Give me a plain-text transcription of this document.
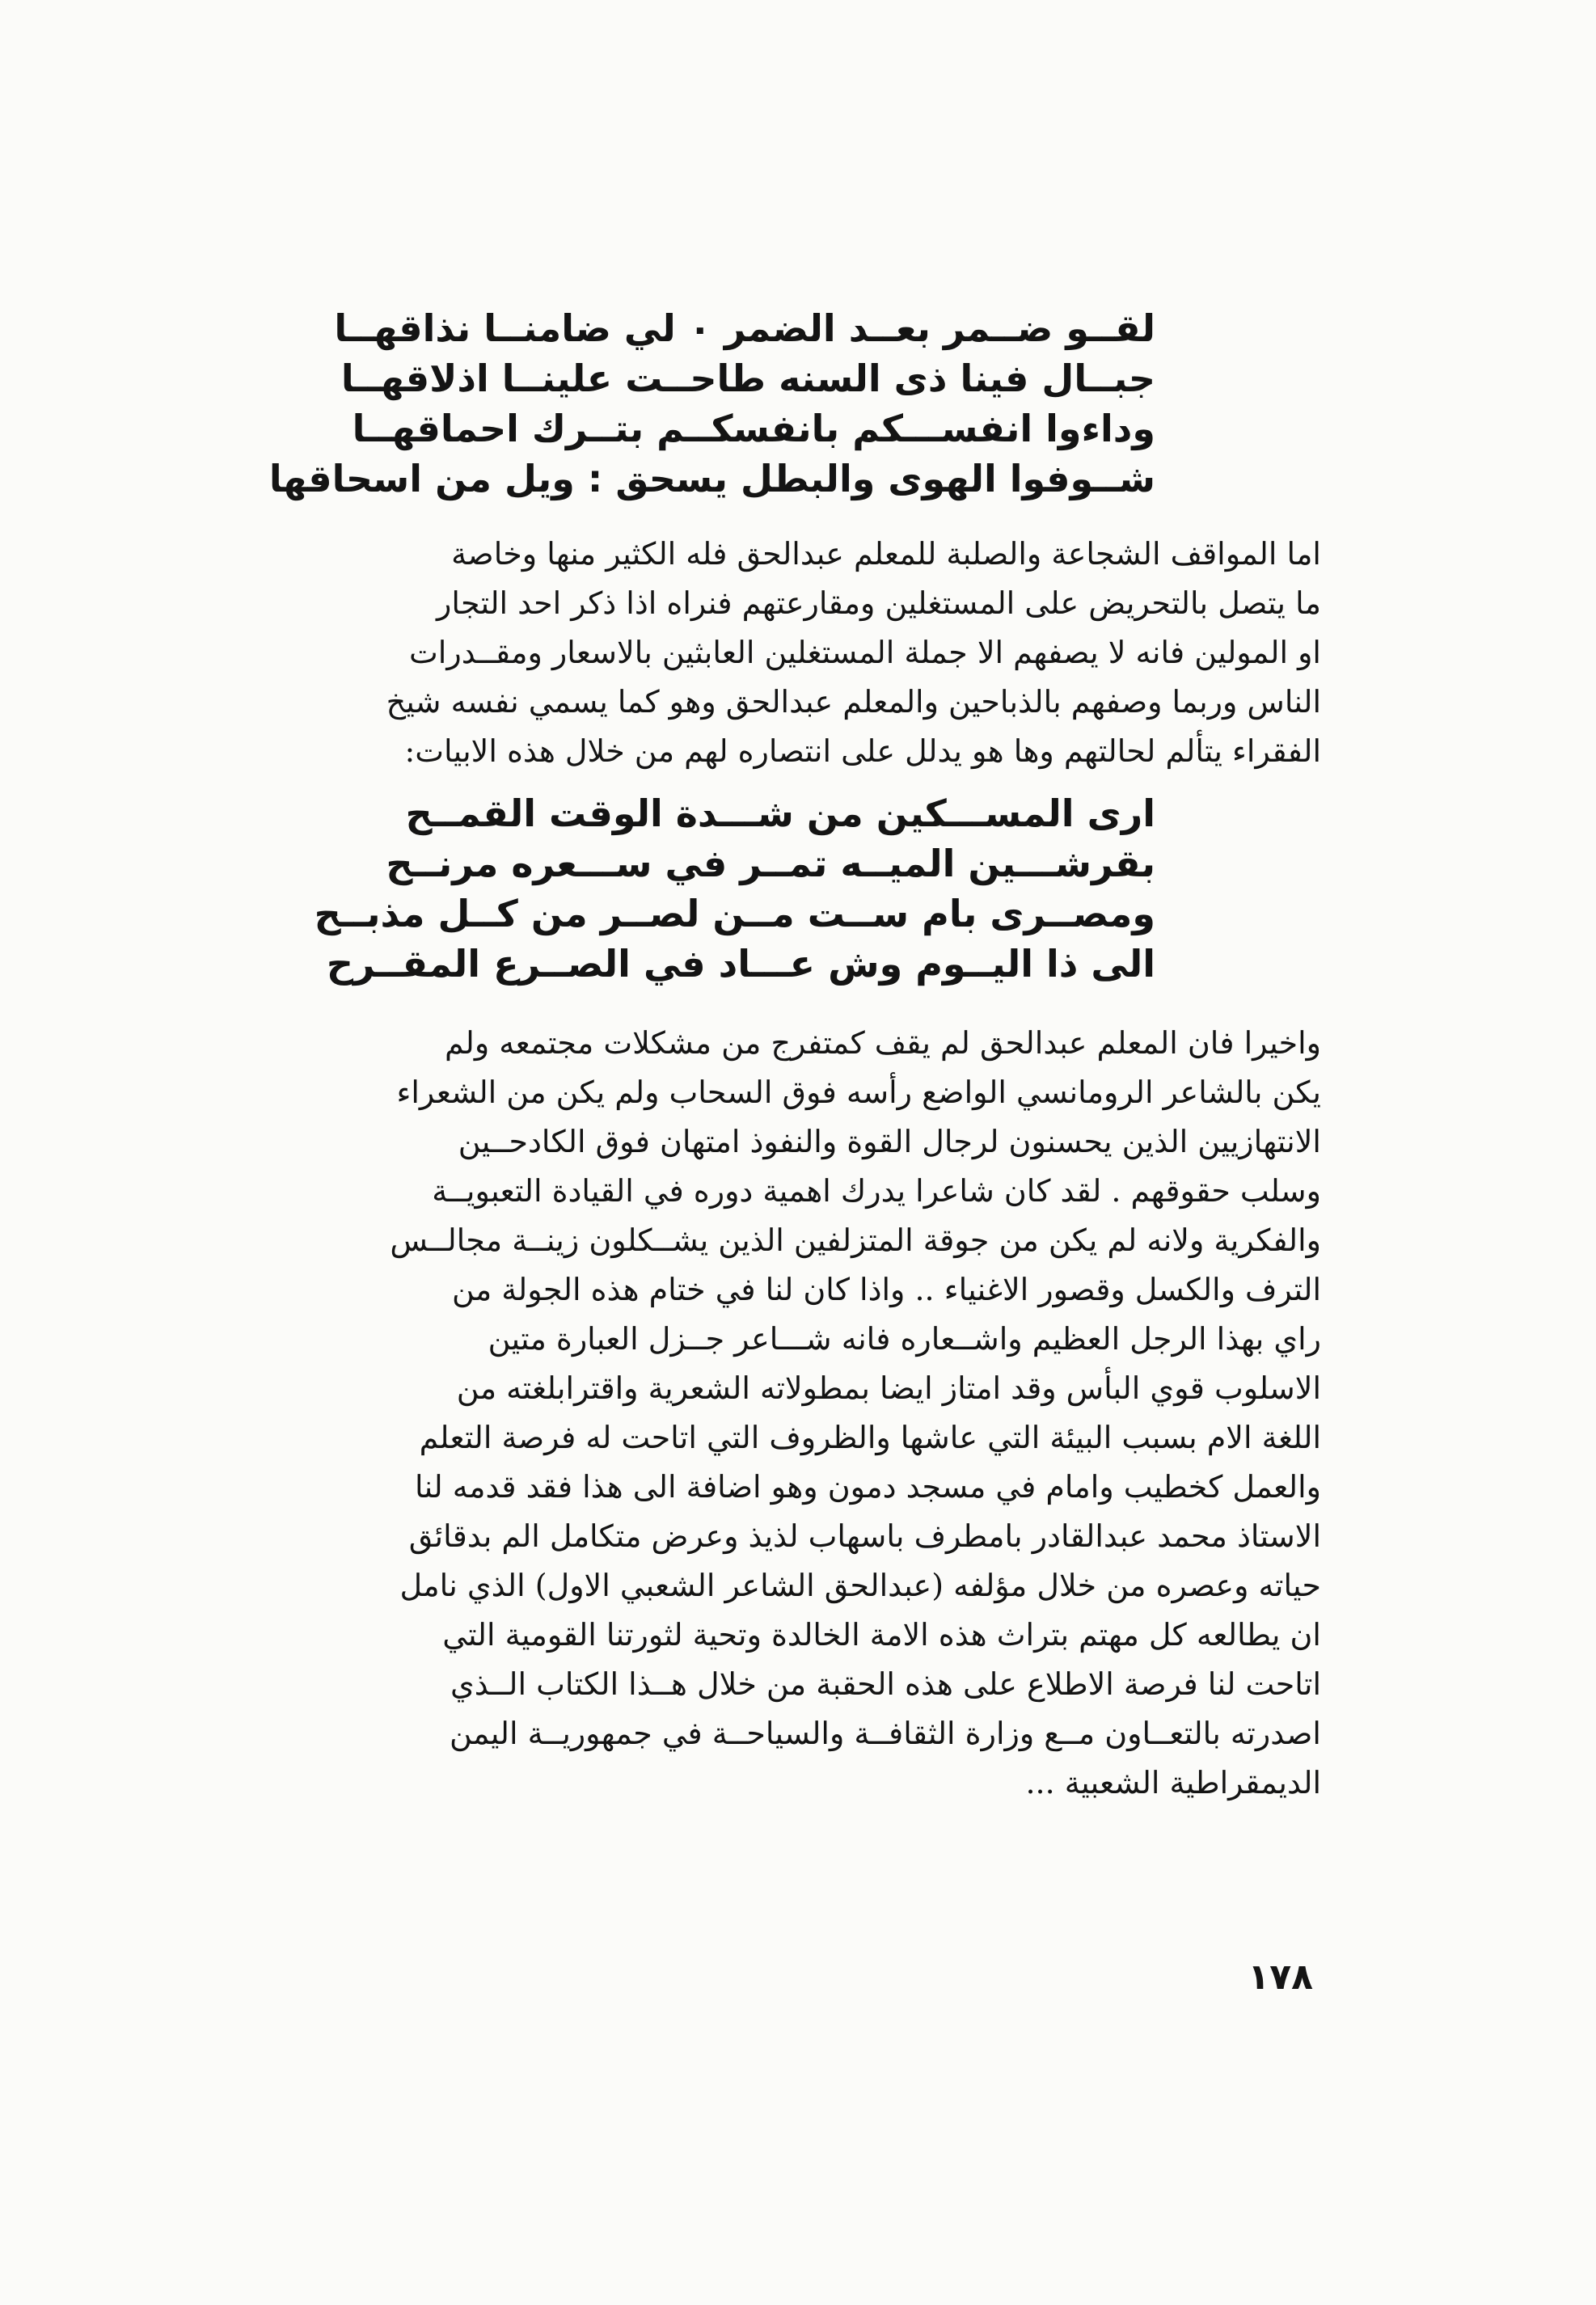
لقــو ضــمر بعــد الضمر ٠ لي ضامنــا نذاقهــا
جبــال فينا ذى السنه طاحــت علينــا اذلاقهــا
وداءوا انفســـكم بانفسكــم بتــرك احماقهــا
شــوفوا الهوى والبطل يسحق : ويل من اسحاقها
اما المواقف الشجاعة والصلبة للمعلم عبدالحق فله الكثير منها وخاصة
ما يتصل بالتحريض على المستغلين ومقارعتهم فنراه اذا ذكر احد التجار
او المولين فانه لا يصفهم الا جملة المستغلين العابثين بالاسعار ومقــدرات
الناس وربما وصفهم بالذباحين والمعلم عبدالحق وهو كما يسمي نفسه شيخ
الفقراء يتألم لحالتهم وها هو يدلل على انتصاره لهم من خلال هذه الابيات:
ارى المســـكين من شـــدة الوقت القمــح
بقرشـــين الميــه تمــر في ســـعره مرنــح
ومصــرى بام ســت مــن لصــر من كــل مذبــح
الى ذا اليــوم وش عـــاد في الصــرع المقــرح
واخيرا فان المعلم عبدالحق لم يقف كمتفرج من مشكلات مجتمعه ولم
يكن بالشاعر الرومانسي الواضع رأسه فوق السحاب ولم يكن من الشعراء
الانتهازيين الذين يحسنون لرجال القوة والنفوذ امتهان فوق الكادحــين
وسلب حقوقهم . لقد كان شاعرا يدرك اهمية دوره في القيادة التعبويــة
والفكرية ولانه لم يكن من جوقة المتزلفين الذين يشــكلون زينــة مجالــس
الترف والكسل وقصور الاغنياء .. واذا كان لنا في ختام هذه الجولة من
راي بهذا الرجل العظيم واشــعاره فانه شـــاعر جــزل العبارة متين
الاسلوب قوي البأس وقد امتاز ايضا بمطولاته الشعرية واقترابلغته من
اللغة الام بسبب البيئة التي عاشها والظروف التي اتاحت له فرصة التعلم
والعمل كخطيب وامام في مسجد دمون وهو اضافة الى هذا فقد قدمه لنا
الاستاذ محمد عبدالقادر بامطرف باسهاب لذيذ وعرض متكامل الم بدقائق
حياته وعصره من خلال مؤلفه (عبدالحق الشاعر الشعبي الاول) الذي نامل
ان يطالعه كل مهتم بتراث هذه الامة الخالدة وتحية لثورتنا القومية التي
اتاحت لنا فرصة الاطلاع على هذه الحقبة من خلال هــذا الكتاب الــذي
اصدرته بالتعــاون مــع وزارة الثقافــة والسياحــة في جمهوريــة اليمن
الديمقراطية الشعبية ...
١٧٨
